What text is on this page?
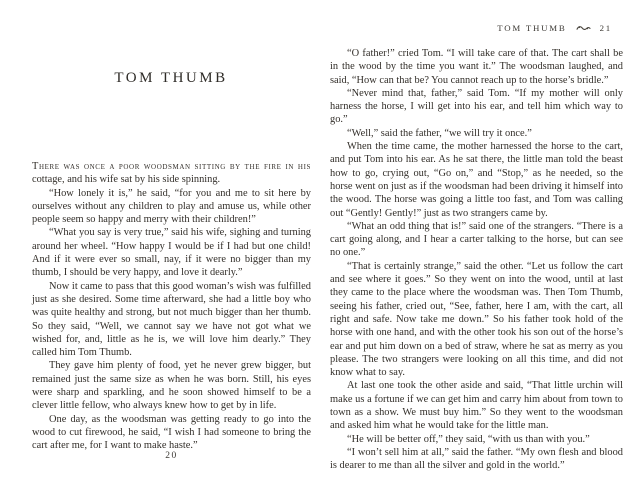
TOM THUMB

There was once a poor woodsman sitting by the fire in his cottage, and his wife sat by his side spinning.

“How lonely it is,” he said, “for you and me to sit here by ourselves without any children to play and amuse us, while other people seem so happy and merry with their children!”

“What you say is very true,” said his wife, sighing and turning around her wheel. “How happy I would be if I had but one child! And if it were ever so small, nay, if it were no bigger than my thumb, I should be very happy, and love it dearly.”

Now it came to pass that this good woman’s wish was fulfilled just as she desired. Some time afterward, she had a little boy who was quite healthy and strong, but not much bigger than her thumb. So they said, “Well, we cannot say we have not got what we wished for, and, little as he is, we will love him dearly.” They called him Tom Thumb.

They gave him plenty of food, yet he never grew bigger, but remained just the same size as when he was born. Still, his eyes were sharp and sparkling, and he soon showed himself to be a clever little fellow, who always knew how to get by in life.

One day, as the woodsman was getting ready to go into the wood to cut firewood, he said, “I wish I had someone to bring the cart after me, for I want to make haste.”

20
TOM THUMB	21

“O father!” cried Tom. “I will take care of that. The cart shall be in the wood by the time you want it.” The woodsman laughed, and said, “How can that be? You cannot reach up to the horse’s bridle.”

“Never mind that, father,” said Tom. “If my mother will only harness the horse, I will get into his ear, and tell him which way to go.”

“Well,” said the father, “we will try it once.”

When the time came, the mother harnessed the horse to the cart, and put Tom into his ear. As he sat there, the little man told the beast how to go, crying out, “Go on,” and “Stop,” as he needed, so the horse went on just as if the woodsman had been driving it himself into the wood. The horse was going a little too fast, and Tom was calling out “Gently! Gently!” just as two strangers came by.

“What an odd thing that is!” said one of the strangers. “There is a cart going along, and I hear a carter talking to the horse, but can see no one.”

“That is certainly strange,” said the other. “Let us follow the cart and see where it goes.” So they went on into the wood, until at last they came to the place where the woodsman was. Then Tom Thumb, seeing his father, cried out, “See, father, here I am, with the cart, all right and safe. Now take me down.” So his father took hold of the horse with one hand, and with the other took his son out of the horse’s ear and put him down on a bed of straw, where he sat as merry as you please. The two strangers were looking on all this time, and did not know what to say.

At last one took the other aside and said, “That little urchin will make us a fortune if we can get him and carry him about from town to town as a show. We must buy him.” So they went to the woodsman and asked him what he would take for the little man.

“He will be better off,” they said, “with us than with you.”

“I won’t sell him at all,” said the father. “My own flesh and blood is dearer to me than all the silver and gold in the world.”
